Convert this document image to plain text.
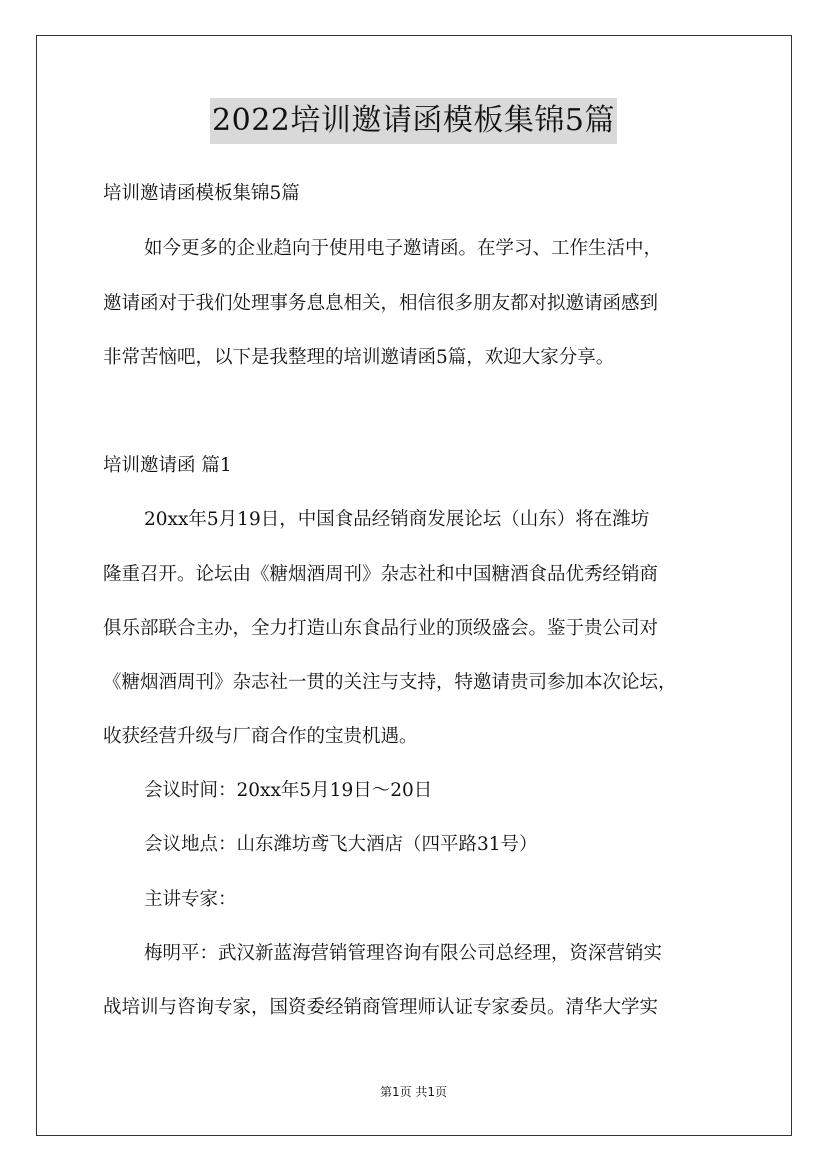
2022培训邀请函模板集锦5篇
培训邀请函模板集锦5篇
如今更多的企业趋向于使用电子邀请函。在学习、工作生活中，
邀请函对于我们处理事务息息相关，相信很多朋友都对拟邀请函感到
非常苦恼吧，以下是我整理的培训邀请函5篇，欢迎大家分享。
培训邀请函 篇1
20xx年5月19日，中国食品经销商发展论坛（山东）将在潍坊
隆重召开。论坛由《糖烟酒周刊》杂志社和中国糖酒食品优秀经销商
俱乐部联合主办，全力打造山东食品行业的顶级盛会。鉴于贵公司对
《糖烟酒周刊》杂志社一贯的关注与支持，特邀请贵司参加本次论坛，
收获经营升级与厂商合作的宝贵机遇。
会议时间：20xx年5月19日～20日
会议地点：山东潍坊鸢飞大酒店（四平路31号）
主讲专家：
梅明平：武汉新蓝海营销管理咨询有限公司总经理，资深营销实
战培训与咨询专家，国资委经销商管理师认证专家委员。清华大学实
第1页 共1页
